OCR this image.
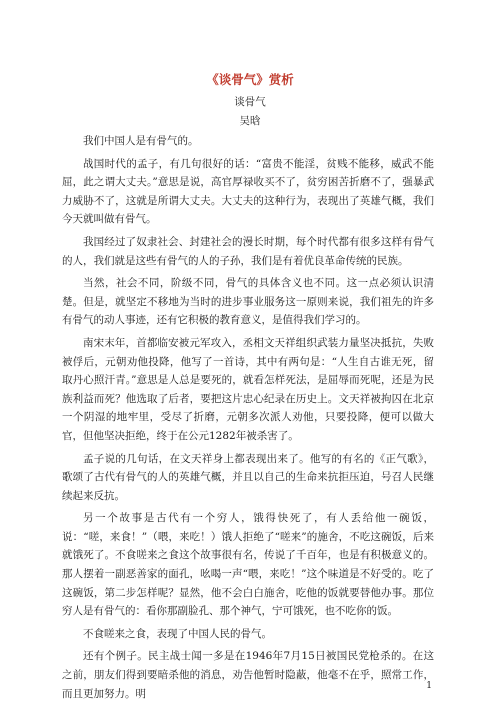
《谈骨气》赏析
谈骨气
吴晗

我们中国人是有骨气的。

战国时代的孟子，有几句很好的话：“富贵不能淫，贫贱不能移，威武不能屈，此之谓大丈夫。”意思是说，高官厚禄收买不了，贫穷困苦折磨不了，强暴武力威胁不了，这就是所谓大丈夫。大丈夫的这种行为，表现出了英雄气概，我们今天就叫做有骨气。

我国经过了奴隶社会、封建社会的漫长时期，每个时代都有很多这样有骨气的人，我们就是这些有骨气的人的子孙，我们是有着优良革命传统的民族。

当然，社会不同，阶级不同，骨气的具体含义也不同。这一点必须认识清楚。但是，就坚定不移地为当时的进步事业服务这一原则来说，我们祖先的许多有骨气的动人事迹，还有它积极的教育意义，是值得我们学习的。

南宋末年，首都临安被元军攻入，丞相文天祥组织武装力量坚决抵抗，失败被俘后，元朝劝他投降，他写了一首诗，其中有两句是：“人生自古谁无死，留取丹心照汗青。”意思是人总是要死的，就看怎样死法，是屈辱而死呢，还是为民族利益而死？他选取了后者，要把这片忠心纪录在历史上。文天祥被拘囚在北京一个阴湿的地牢里，受尽了折磨，元朝多次派人劝他，只要投降，便可以做大官，但他坚决拒绝，终于在公元1282年被杀害了。

孟子说的几句话，在文天祥身上都表现出来了。他写的有名的《正气歌》，歌颂了古代有骨气的人的英雄气概，并且以自己的生命来抗拒压迫，号召人民继续起来反抗。

另一个故事是古代有一个穷人，饿得快死了，有人丢给他一碗饭，说：“嗟，来食！”（喂，来吃！）饿人拒绝了“嗟来”的施舍，不吃这碗饭，后来就饿死了。不食嗟来之食这个故事很有名，传说了千百年，也是有积极意义的。那人摆着一副恶善家的面孔，吆喝一声“喂，来吃！”这个味道是不好受的。吃了这碗饭，第二步怎样呢？显然，他不会白白施舍，吃他的饭就要替他办事。那位穷人是有骨气的：看你那副脸孔、那个神气，宁可饿死，也不吃你的饭。

不食嗟来之食，表现了中国人民的骨气。

还有个例子。民主战士闻一多是在1946年7月15日被国民党枪杀的。在这之前，朋友们得到要暗杀他的消息，劝告他暂时隐蔽，他毫不在乎，照常工作，而且更加努力。明

1
